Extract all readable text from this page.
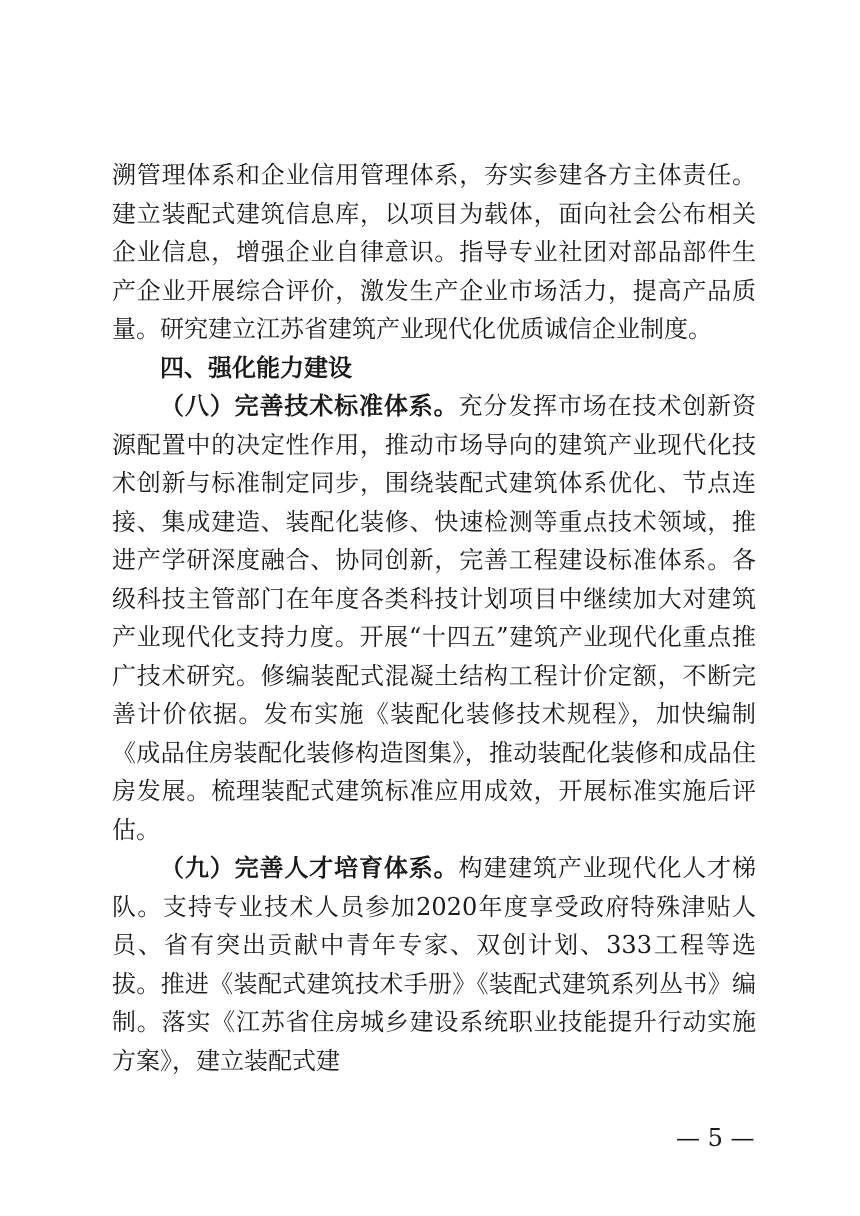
溯管理体系和企业信用管理体系，夯实参建各方主体责任。建立装配式建筑信息库，以项目为载体，面向社会公布相关企业信息，增强企业自律意识。指导专业社团对部品部件生产企业开展综合评价，激发生产企业市场活力，提高产品质量。研究建立江苏省建筑产业现代化优质诚信企业制度。

四、强化能力建设

（八）完善技术标准体系。充分发挥市场在技术创新资源配置中的决定性作用，推动市场导向的建筑产业现代化技术创新与标准制定同步，围绕装配式建筑体系优化、节点连接、集成建造、装配化装修、快速检测等重点技术领域，推进产学研深度融合、协同创新，完善工程建设标准体系。各级科技主管部门在年度各类科技计划项目中继续加大对建筑产业现代化支持力度。开展“十四五”建筑产业现代化重点推广技术研究。修编装配式混凝土结构工程计价定额，不断完善计价依据。发布实施《装配化装修技术规程》，加快编制《成品住房装配化装修构造图集》，推动装配化装修和成品住房发展。梳理装配式建筑标准应用成效，开展标准实施后评估。

（九）完善人才培育体系。构建建筑产业现代化人才梯队。支持专业技术人员参加2020年度享受政府特殊津贴人员、省有突出贡献中青年专家、双创计划、333工程等选拔。推进《装配式建筑技术手册》《装配式建筑系列丛书》编制。落实《江苏省住房城乡建设系统职业技能提升行动实施方案》，建立装配式建

— 5 —
